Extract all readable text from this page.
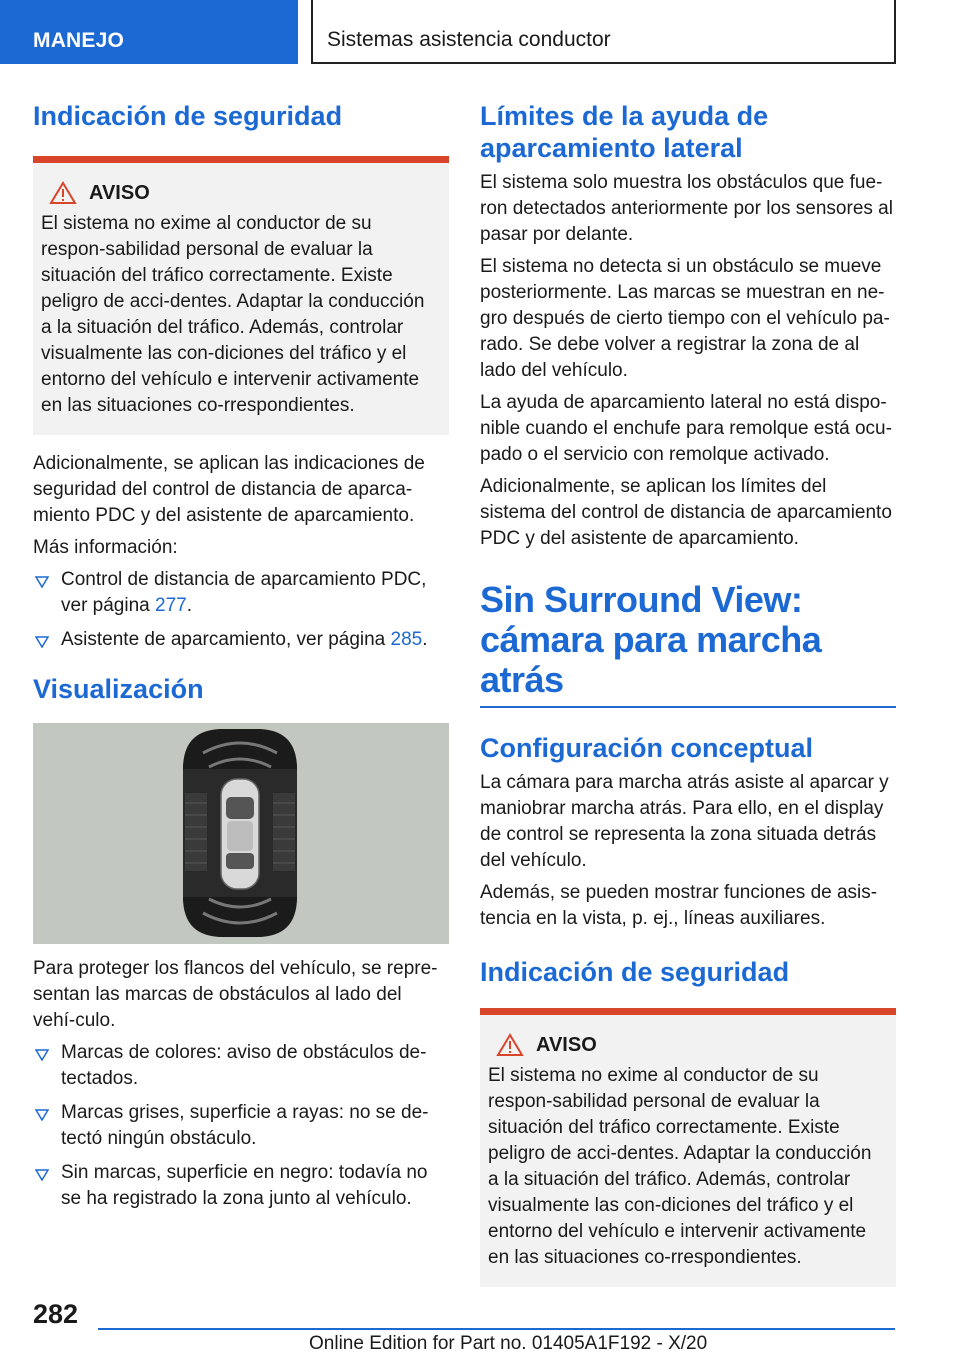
MANEJO	Sistemas asistencia conductor
Indicación de seguridad
AVISO
El sistema no exime al conductor de su respon-sabilidad personal de evaluar la situación del tráfico correctamente. Existe peligro de acci-dentes. Adaptar la conducción a la situación del tráfico. Además, controlar visualmente las con-diciones del tráfico y el entorno del vehículo e intervenir activamente en las situaciones co-rrespondientes.

Adicionalmente, se aplican las indicaciones de seguridad del control de distancia de aparca-miento PDC y del asistente de aparcamiento.

Más información:

Control de distancia de aparcamiento PDC, ver página 277.
Asistente de aparcamiento, ver página 285.
Visualización

Para proteger los flancos del vehículo, se repre-sentan las marcas de obstáculos al lado del vehí-culo.

Marcas de colores: aviso de obstáculos de-tectados.
Marcas grises, superficie a rayas: no se de-tectó ningún obstáculo.
Sin marcas, superficie en negro: todavía no se ha registrado la zona junto al vehículo.
Límites de la ayuda de aparcamiento lateral

El sistema solo muestra los obstáculos que fue-ron detectados anteriormente por los sensores al pasar por delante.

El sistema no detecta si un obstáculo se mueve posteriormente. Las marcas se muestran en ne-gro después de cierto tiempo con el vehículo pa-rado. Se debe volver a registrar la zona de al lado del vehículo.

La ayuda de aparcamiento lateral no está dispo-nible cuando el enchufe para remolque está ocu-pado o el servicio con remolque activado.

Adicionalmente, se aplican los límites del sistema del control de distancia de aparcamiento PDC y del asistente de aparcamiento.

Sin Surround View: cámara para marcha atrás
Configuración conceptual

La cámara para marcha atrás asiste al aparcar y maniobrar marcha atrás. Para ello, en el display de control se representa la zona situada detrás del vehículo.

Además, se pueden mostrar funciones de asis-tencia en la vista, p. ej., líneas auxiliares.

Indicación de seguridad
AVISO
El sistema no exime al conductor de su respon-sabilidad personal de evaluar la situación del tráfico correctamente. Existe peligro de acci-dentes. Adaptar la conducción a la situación del tráfico. Además, controlar visualmente las con-diciones del tráfico y el entorno del vehículo e intervenir activamente en las situaciones co-rrespondientes.
282
Online Edition for Part no. 01405A1F192 - X/20
